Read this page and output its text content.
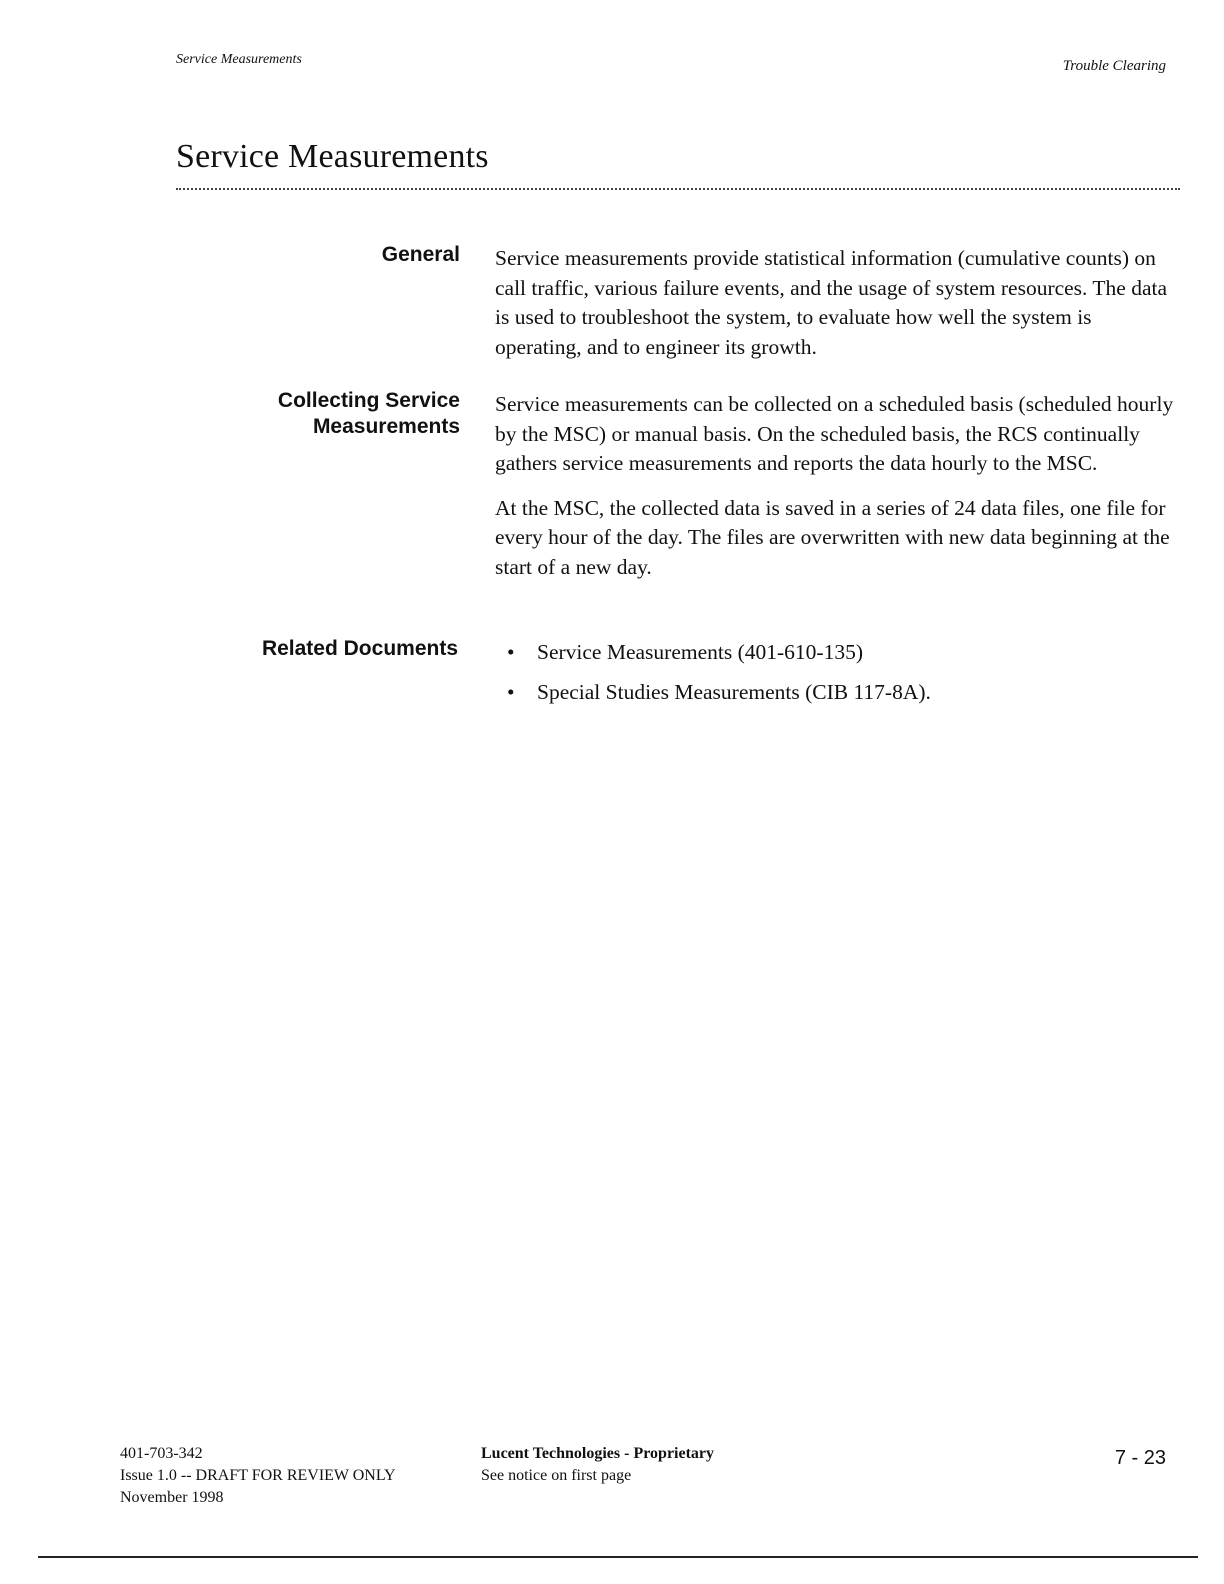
Service Measurements	Trouble Clearing
Service Measurements
General Service measurements provide statistical information (cumulative counts) on call traffic, various failure events, and the usage of system resources. The data is used to troubleshoot the system, to evaluate how well the system is operating, and to engineer its growth.

Collecting Service
Measurements

Service measurements can be collected on a scheduled basis (scheduled hourly by the MSC) or manual basis. On the scheduled basis, the RCS continually gathers service measurements and reports the data hourly to the MSC.

At the MSC, the collected data is saved in a series of 24 data files, one file for every hour of the day. The files are overwritten with new data beginning at the start of a new day.

Related Documents • Service Measurements (401-610-135)
• Special Studies Measurements (CIB 117-8A).
401-703-342
Issue 1.0 -- DRAFT FOR REVIEW ONLY
November 1998
Lucent Technologies - Proprietary
See notice on first page
7 - 23
